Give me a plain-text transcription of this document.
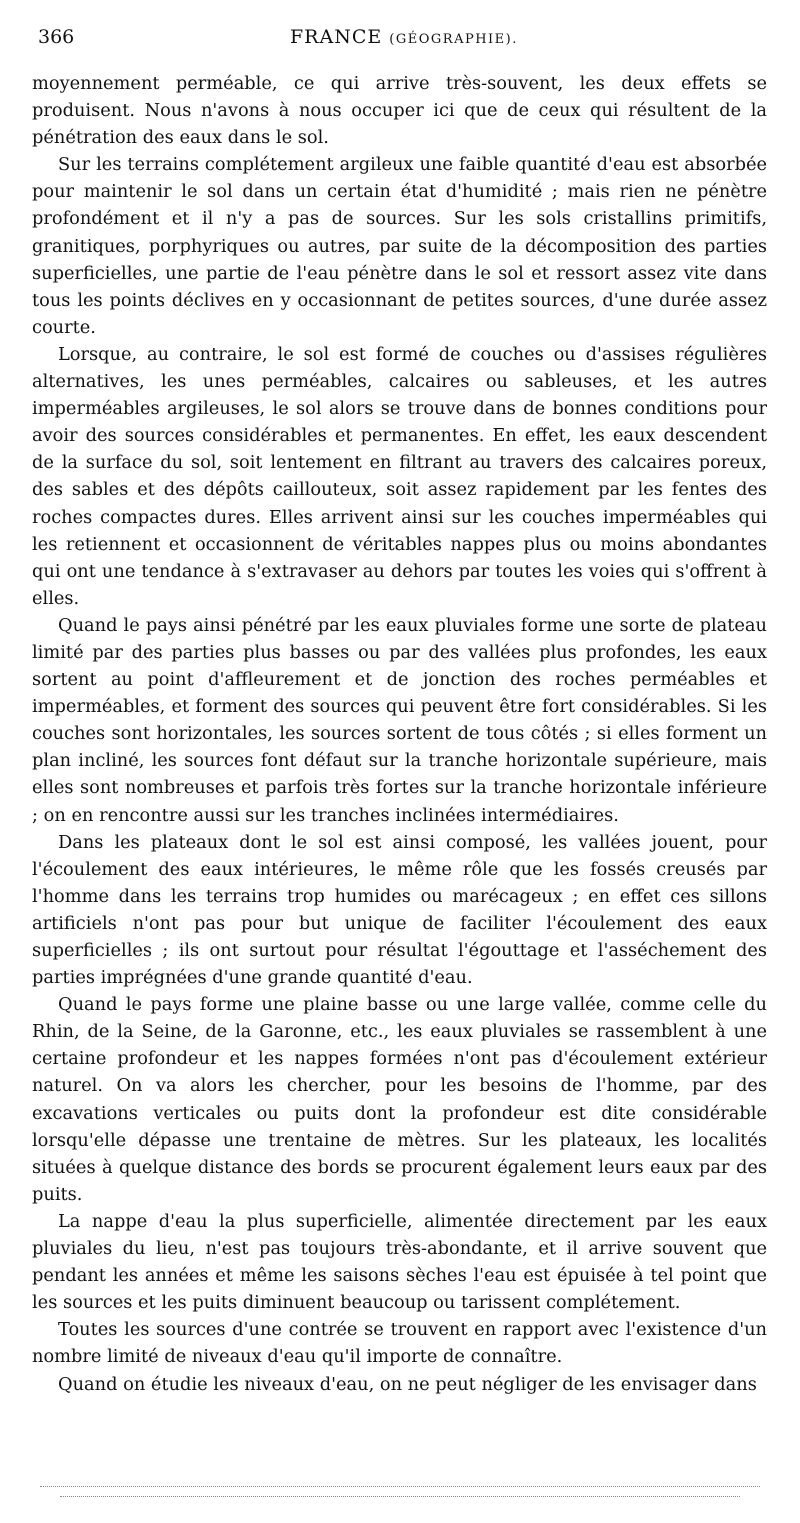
366	FRANCE (GÉOGRAPHIE).

moyennement perméable, ce qui arrive très-souvent, les deux effets se produisent. Nous n'avons à nous occuper ici que de ceux qui résultent de la pénétration des eaux dans le sol.

Sur les terrains complétement argileux une faible quantité d'eau est absorbée pour maintenir le sol dans un certain état d'humidité ; mais rien ne pénètre profondément et il n'y a pas de sources. Sur les sols cristallins primitifs, granitiques, porphyriques ou autres, par suite de la décomposition des parties superficielles, une partie de l'eau pénètre dans le sol et ressort assez vite dans tous les points déclives en y occasionnant de petites sources, d'une durée assez courte.

Lorsque, au contraire, le sol est formé de couches ou d'assises régulières alternatives, les unes perméables, calcaires ou sableuses, et les autres imperméables argileuses, le sol alors se trouve dans de bonnes conditions pour avoir des sources considérables et permanentes. En effet, les eaux descendent de la surface du sol, soit lentement en filtrant au travers des calcaires poreux, des sables et des dépôts caillouteux, soit assez rapidement par les fentes des roches compactes dures. Elles arrivent ainsi sur les couches imperméables qui les retiennent et occasionnent de véritables nappes plus ou moins abondantes qui ont une tendance à s'extravaser au dehors par toutes les voies qui s'offrent à elles.

Quand le pays ainsi pénétré par les eaux pluviales forme une sorte de plateau limité par des parties plus basses ou par des vallées plus profondes, les eaux sortent au point d'affleurement et de jonction des roches perméables et imperméables, et forment des sources qui peuvent être fort considérables. Si les couches sont horizontales, les sources sortent de tous côtés ; si elles forment un plan incliné, les sources font défaut sur la tranche horizontale supérieure, mais elles sont nombreuses et parfois très fortes sur la tranche horizontale inférieure ; on en rencontre aussi sur les tranches inclinées intermédiaires.

Dans les plateaux dont le sol est ainsi composé, les vallées jouent, pour l'écoulement des eaux intérieures, le même rôle que les fossés creusés par l'homme dans les terrains trop humides ou marécageux ; en effet ces sillons artificiels n'ont pas pour but unique de faciliter l'écoulement des eaux superficielles ; ils ont surtout pour résultat l'égouttage et l'asséchement des parties imprégnées d'une grande quantité d'eau.

Quand le pays forme une plaine basse ou une large vallée, comme celle du Rhin, de la Seine, de la Garonne, etc., les eaux pluviales se rassemblent à une certaine profondeur et les nappes formées n'ont pas d'écoulement extérieur naturel. On va alors les chercher, pour les besoins de l'homme, par des excavations verticales ou puits dont la profondeur est dite considérable lorsqu'elle dépasse une trentaine de mètres. Sur les plateaux, les localités situées à quelque distance des bords se procurent également leurs eaux par des puits.

La nappe d'eau la plus superficielle, alimentée directement par les eaux pluviales du lieu, n'est pas toujours très-abondante, et il arrive souvent que pendant les années et même les saisons sèches l'eau est épuisée à tel point que les sources et les puits diminuent beaucoup ou tarissent complétement.

Toutes les sources d'une contrée se trouvent en rapport avec l'existence d'un nombre limité de niveaux d'eau qu'il importe de connaître.

Quand on étudie les niveaux d'eau, on ne peut négliger de les envisager dans
